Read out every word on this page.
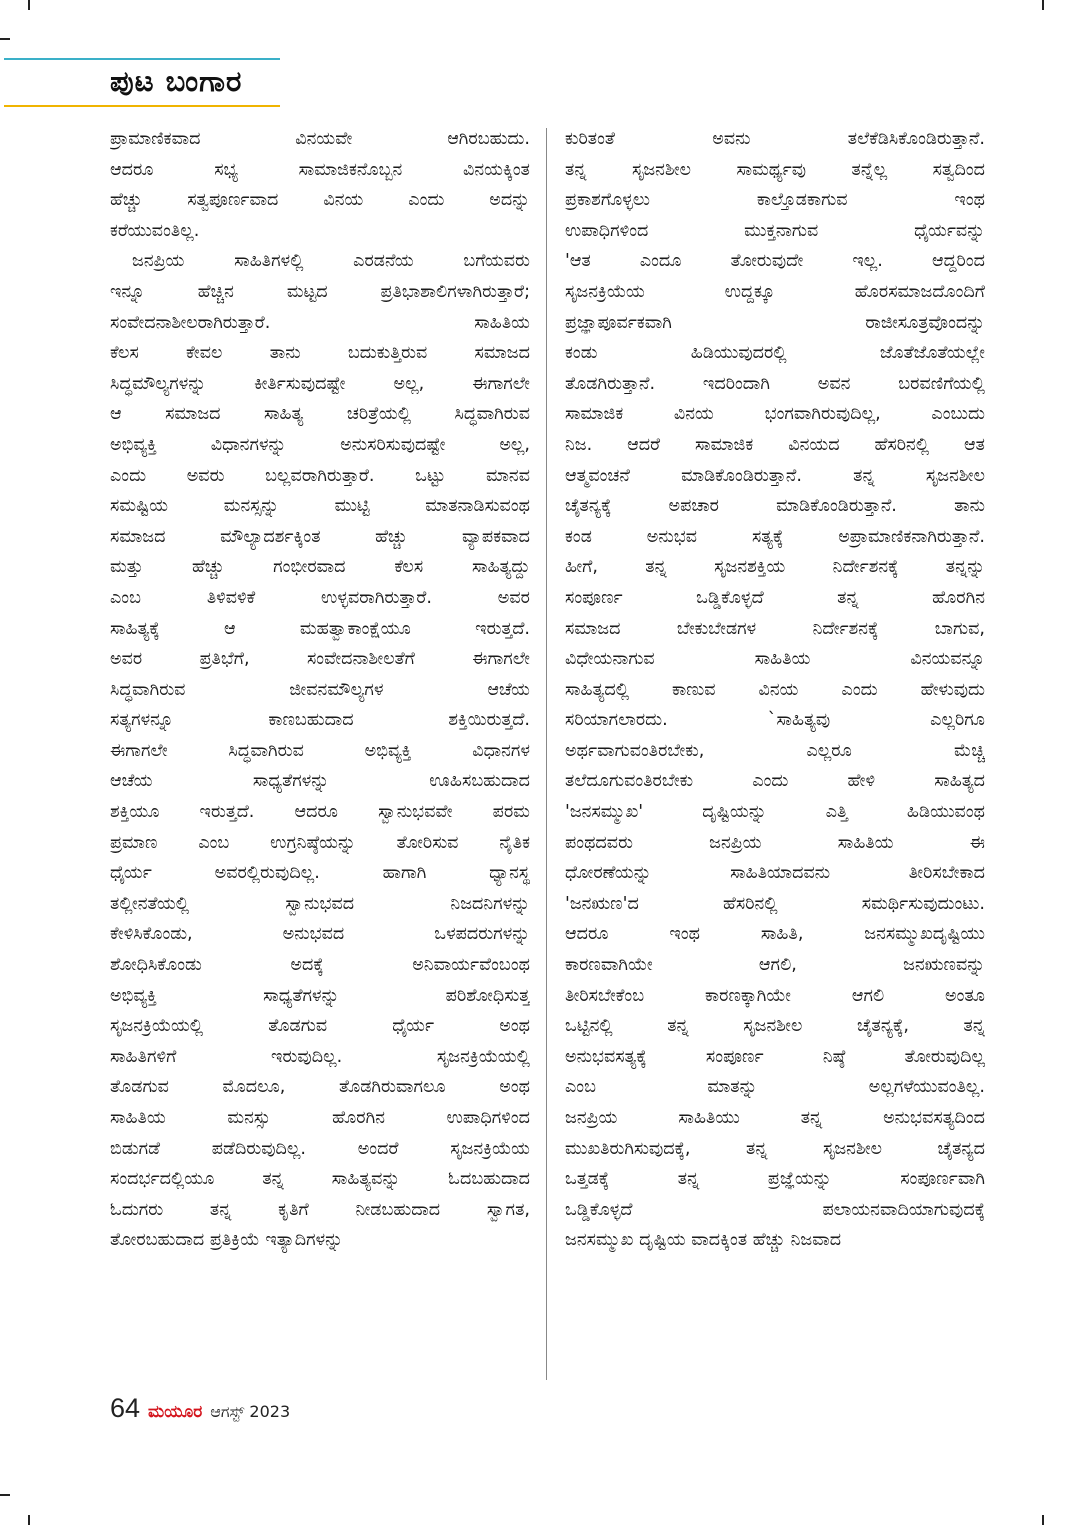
ಪುಟ ಬಂಗಾರ
ಪ್ರಾಮಾಣಿಕವಾದ ವಿನಯವೇ ಆಗಿರಬಹುದು.
ಆದರೂ ಸಭ್ಯ ಸಾಮಾಜಿಕನೊಬ್ಬನ ವಿನಯಕ್ಕಿಂತ
ಹೆಚ್ಚು ಸತ್ವಪೂರ್ಣವಾದ ವಿನಯ ಎಂದು ಅದನ್ನು
ಕರೆಯುವಂತಿಲ್ಲ.
ಜನಪ್ರಿಯ ಸಾಹಿತಿಗಳಲ್ಲಿ ಎರಡನೆಯ ಬಗೆಯವರು
ಇನ್ನೂ ಹೆಚ್ಚಿನ ಮಟ್ಟದ ಪ್ರತಿಭಾಶಾಲಿಗಳಾಗಿರುತ್ತಾರೆ;
ಸಂವೇದನಾಶೀಲರಾಗಿರುತ್ತಾರೆ. ಸಾಹಿತಿಯ
ಕೆಲಸ ಕೇವಲ ತಾನು ಬದುಕುತ್ತಿರುವ ಸಮಾಜದ
ಸಿದ್ಧಮೌಲ್ಯಗಳನ್ನು ಕೀರ್ತಿಸುವುದಷ್ಟೇ ಅಲ್ಲ, ಈಗಾಗಲೇ
ಆ ಸಮಾಜದ ಸಾಹಿತ್ಯ ಚರಿತ್ರೆಯಲ್ಲಿ ಸಿದ್ಧವಾಗಿರುವ
ಅಭಿವ್ಯಕ್ತಿ ವಿಧಾನಗಳನ್ನು ಅನುಸರಿಸುವುದಷ್ಟೇ ಅಲ್ಲ,
ಎಂದು ಅವರು ಬಲ್ಲವರಾಗಿರುತ್ತಾರೆ. ಒಟ್ಟು ಮಾನವ
ಸಮಷ್ಟಿಯ ಮನಸ್ಸನ್ನು ಮುಟ್ಟಿ ಮಾತನಾಡಿಸುವಂಥ
ಸಮಾಜದ ಮೌಲ್ಯಾದರ್ಶಕ್ಕಿಂತ ಹೆಚ್ಚು ವ್ಯಾಪಕವಾದ
ಮತ್ತು ಹೆಚ್ಚು ಗಂಭೀರವಾದ ಕೆಲಸ ಸಾಹಿತ್ಯದ್ದು
ಎಂಬ ತಿಳಿವಳಿಕೆ ಉಳ್ಳವರಾಗಿರುತ್ತಾರೆ. ಅವರ
ಸಾಹಿತ್ಯಕ್ಕೆ ಆ ಮಹತ್ವಾಕಾಂಕ್ಷೆಯೂ ಇರುತ್ತದೆ.
ಅವರ ಪ್ರತಿಭೆಗೆ, ಸಂವೇದನಾಶೀಲತೆಗೆ ಈಗಾಗಲೇ
ಸಿದ್ಧವಾಗಿರುವ ಜೀವನಮೌಲ್ಯಗಳ ಆಚೆಯ
ಸತ್ಯಗಳನ್ನೂ ಕಾಣಬಹುದಾದ ಶಕ್ತಿಯಿರುತ್ತದೆ.
ಈಗಾಗಲೇ ಸಿದ್ಧವಾಗಿರುವ ಅಭಿವ್ಯಕ್ತಿ ವಿಧಾನಗಳ
ಆಚೆಯ ಸಾಧ್ಯತೆಗಳನ್ನು ಊಹಿಸಬಹುದಾದ
ಶಕ್ತಿಯೂ ಇರುತ್ತದೆ. ಆದರೂ ಸ್ವಾನುಭವವೇ ಪರಮ
ಪ್ರಮಾಣ ಎಂಬ ಉಗ್ರನಿಷ್ಠೆಯನ್ನು ತೋರಿಸುವ ನೈತಿಕ
ಧೈರ್ಯ ಅವರಲ್ಲಿರುವುದಿಲ್ಲ. ಹಾಗಾಗಿ ಧ್ಯಾನಸ್ಥ
ತಲ್ಲೀನತೆಯಲ್ಲಿ ಸ್ವಾನುಭವದ ನಿಜದನಿಗಳನ್ನು
ಕೇಳಿಸಿಕೊಂಡು, ಅನುಭವದ ಒಳಪದರುಗಳನ್ನು
ಶೋಧಿಸಿಕೊಂಡು ಅದಕ್ಕೆ ಅನಿವಾರ್ಯವೆಂಬಂಥ
ಅಭಿವ್ಯಕ್ತಿ ಸಾಧ್ಯತೆಗಳನ್ನು ಪರಿಶೋಧಿಸುತ್ತ
ಸೃಜನಕ್ರಿಯೆಯಲ್ಲಿ ತೊಡಗುವ ಧೈರ್ಯ ಅಂಥ
ಸಾಹಿತಿಗಳಿಗೆ ಇರುವುದಿಲ್ಲ. ಸೃಜನಕ್ರಿಯೆಯಲ್ಲಿ
ತೊಡಗುವ ಮೊದಲೂ, ತೊಡಗಿರುವಾಗಲೂ ಅಂಥ
ಸಾಹಿತಿಯ ಮನಸ್ಸು ಹೊರಗಿನ ಉಪಾಧಿಗಳಿಂದ
ಬಿಡುಗಡೆ ಪಡೆದಿರುವುದಿಲ್ಲ. ಅಂದರೆ ಸೃಜನಕ್ರಿಯೆಯ
ಸಂದರ್ಭದಲ್ಲಿಯೂ ತನ್ನ ಸಾಹಿತ್ಯವನ್ನು ಓದಬಹುದಾದ
ಓದುಗರು ತನ್ನ ಕೃತಿಗೆ ನೀಡಬಹುದಾದ ಸ್ವಾಗತ,
ತೋರಬಹುದಾದ ಪ್ರತಿಕ್ರಿಯೆ ಇತ್ಯಾದಿಗಳನ್ನು
ಕುರಿತಂತೆ ಅವನು ತಲೆಕೆಡಿಸಿಕೊಂಡಿರುತ್ತಾನೆ.
ತನ್ನ ಸೃಜನಶೀಲ ಸಾಮರ್ಥ್ಯವು ತನ್ನೆಲ್ಲ ಸತ್ವದಿಂದ
ಪ್ರಕಾಶಗೊಳ್ಳಲು ಕಾಲ್ತೊಡಕಾಗುವ ಇಂಥ
ಉಪಾಧಿಗಳಿಂದ ಮುಕ್ತನಾಗುವ ಧೈರ್ಯವನ್ನು
'ಆತ ಎಂದೂ ತೋರುವುದೇ ಇಲ್ಲ. ಆದ್ದರಿಂದ
ಸೃಜನಕ್ರಿಯೆಯ ಉದ್ದಕ್ಕೂ ಹೊರಸಮಾಜದೊಂದಿಗೆ
ಪ್ರಜ್ಞಾಪೂರ್ವಕವಾಗಿ ರಾಜೀಸೂತ್ರವೊಂದನ್ನು
ಕಂಡು ಹಿಡಿಯುವುದರಲ್ಲಿ ಜೊತೆಜೊತೆಯಲ್ಲೇ
ತೊಡಗಿರುತ್ತಾನೆ. ಇದರಿಂದಾಗಿ ಅವನ ಬರವಣಿಗೆಯಲ್ಲಿ
ಸಾಮಾಜಿಕ ವಿನಯ ಭಂಗವಾಗಿರುವುದಿಲ್ಲ, ಎಂಬುದು
ನಿಜ. ಆದರೆ ಸಾಮಾಜಿಕ ವಿನಯದ ಹೆಸರಿನಲ್ಲಿ ಆತ
ಆತ್ಮವಂಚನೆ ಮಾಡಿಕೊಂಡಿರುತ್ತಾನೆ. ತನ್ನ ಸೃಜನಶೀಲ
ಚೈತನ್ಯಕ್ಕೆ ಅಪಚಾರ ಮಾಡಿಕೊಂಡಿರುತ್ತಾನೆ. ತಾನು
ಕಂಡ ಅನುಭವ ಸತ್ಯಕ್ಕೆ ಅಪ್ರಾಮಾಣಿಕನಾಗಿರುತ್ತಾನೆ.
ಹೀಗೆ, ತನ್ನ ಸೃಜನಶಕ್ತಿಯ ನಿರ್ದೇಶನಕ್ಕೆ ತನ್ನನ್ನು
ಸಂಪೂರ್ಣ ಒಡ್ಡಿಕೊಳ್ಳದೆ ತನ್ನ ಹೊರಗಿನ
ಸಮಾಜದ ಬೇಕುಬೇಡಗಳ ನಿರ್ದೇಶನಕ್ಕೆ ಬಾಗುವ,
ವಿಧೇಯನಾಗುವ ಸಾಹಿತಿಯ ವಿನಯವನ್ನೂ
ಸಾಹಿತ್ಯದಲ್ಲಿ ಕಾಣುವ ವಿನಯ ಎಂದು ಹೇಳುವುದು
ಸರಿಯಾಗಲಾರದು. `ಸಾಹಿತ್ಯವು ಎಲ್ಲರಿಗೂ
ಅರ್ಥವಾಗುವಂತಿರಬೇಕು, ಎಲ್ಲರೂ ಮೆಚ್ಚಿ
ತಲೆದೂಗುವಂತಿರಬೇಕು ಎಂದು ಹೇಳಿ ಸಾಹಿತ್ಯದ
'ಜನಸಮ್ಮುಖ' ದೃಷ್ಟಿಯನ್ನು ಎತ್ತಿ ಹಿಡಿಯುವಂಥ
ಪಂಥದವರು ಜನಪ್ರಿಯ ಸಾಹಿತಿಯ ಈ
ಧೋರಣೆಯನ್ನು ಸಾಹಿತಿಯಾದವನು ತೀರಿಸಬೇಕಾದ
'ಜನಋಣ'ದ ಹೆಸರಿನಲ್ಲಿ ಸಮರ್ಥಿಸುವುದುಂಟು.
ಆದರೂ ಇಂಥ ಸಾಹಿತಿ, ಜನಸಮ್ಮುಖದೃಷ್ಟಿಯು
ಕಾರಣವಾಗಿಯೇ ಆಗಲಿ, ಜನಋಣವನ್ನು
ತೀರಿಸಬೇಕೆಂಬ ಕಾರಣಕ್ಕಾಗಿಯೇ ಆಗಲಿ ಅಂತೂ
ಒಟ್ಟಿನಲ್ಲಿ ತನ್ನ ಸೃಜನಶೀಲ ಚೈತನ್ಯಕ್ಕೆ, ತನ್ನ
ಅನುಭವಸತ್ಯಕ್ಕೆ ಸಂಪೂರ್ಣ ನಿಷ್ಠೆ ತೋರುವುದಿಲ್ಲ
ಎಂಬ ಮಾತನ್ನು ಅಲ್ಲಗಳೆಯುವಂತಿಲ್ಲ.
ಜನಪ್ರಿಯ ಸಾಹಿತಿಯು ತನ್ನ ಅನುಭವಸತ್ಯದಿಂದ
ಮುಖತಿರುಗಿಸುವುದಕ್ಕೆ, ತನ್ನ ಸೃಜನಶೀಲ ಚೈತನ್ಯದ
ಒತ್ತಡಕ್ಕೆ ತನ್ನ ಪ್ರಜ್ಞೆಯನ್ನು ಸಂಪೂರ್ಣವಾಗಿ
ಒಡ್ಡಿಕೊಳ್ಳದೆ ಪಲಾಯನವಾದಿಯಾಗುವುದಕ್ಕೆ
ಜನಸಮ್ಮುಖ ದೃಷ್ಟಿಯ ವಾದಕ್ಕಿಂತ ಹೆಚ್ಚು ನಿಜವಾದ
64 ಮಯೂರ ಆಗಸ್ಟ್ 2023
